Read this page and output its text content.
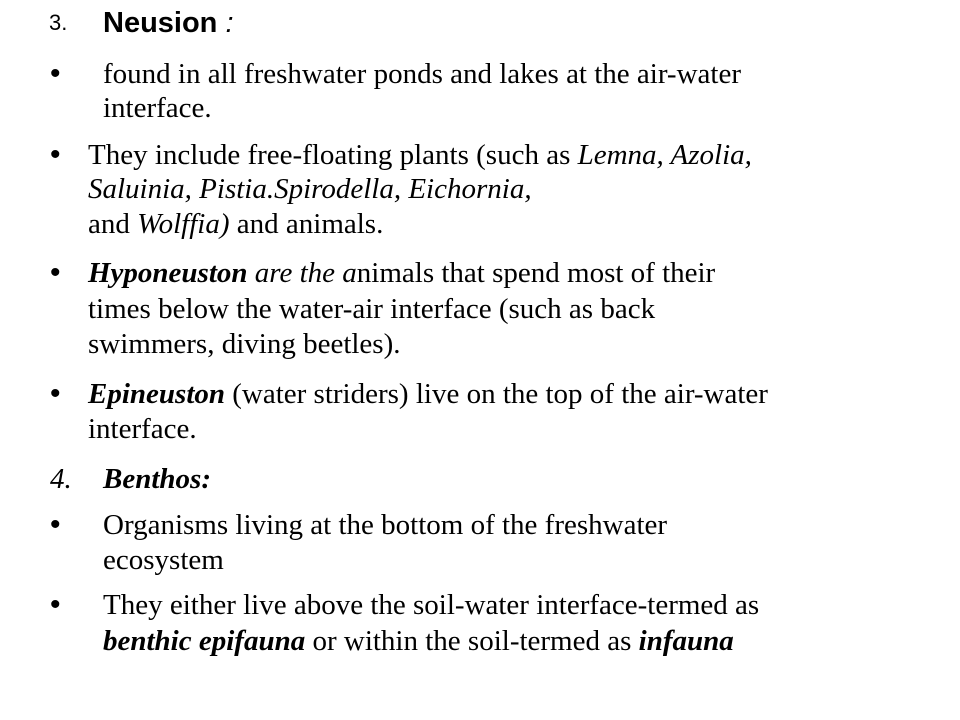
3. Neusion :
• found in all freshwater ponds and lakes at the air-water
interface.
• They include free-floating plants (such as Lemna, Azolia,
Saluinia, Pistia.Spirodella, Eichornia,
and Wolffia) and animals.
• Hyponeuston are the animals that spend most of their
times below the water-air interface (such as back
swimmers, diving beetles).
• Epineuston (water striders) live on the top of the air-water
interface.
4. Benthos:
• Organisms living at the bottom of the freshwater
ecosystem
• They either live above the soil-water interface-termed as
benthic epifauna or within the soil-termed as infauna
